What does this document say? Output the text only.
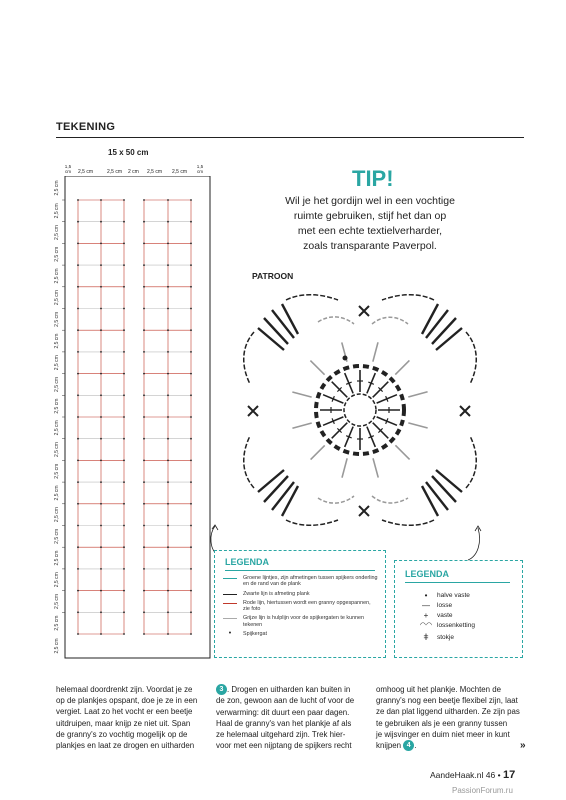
TEKENING
15 x 50 cm
1,5 cm 2,5 cm	2,5 cm 2 cm 2,5 cm 2,5 cm
1,5 cm
2,5 cm
2,5 cm
2,5 cm
2,5 cm
2,5 cm
2,5 cm
2,5 cm
2,5 cm
2,5 cm
2,5 cm
2,5 cm
2,5 cm
2,5 cm
2,5 cm
2,5 cm
2,5 cm
2,5 cm
2,5 cm
2,5 cm
2,5 cm
2,5 cm
2,5 cm
TIP!
Wil je het gordijn wel in een vochtige
ruimte gebruiken, stijf het dan op
met een echte textielverharder,
zoals transparante Paverpol.
PATROON
LEGENDA
Groene lijntjes, zijn afmetingen tussen spijkers onderling en de rand van de plank
Zwarte lijn is afmeting plank
Rode lijn, hiertussen wordt een granny opgespannen, zie foto
Grijze lijn is hulplijn voor de spijkergaten te kunnen tekenen
•	Spijkergat
LEGENDA
•	halve vaste
—	losse
+	vaste
◠◠ lossenketting
ǂ	stokje
helemaal doordrenkt zijn. Voordat je ze
op de plankjes opspant, doe je ze in een
vergiet. Laat zo het vocht er een beetje
uitdruipen, maar knijp ze niet uit. Span
de granny's zo vochtig mogelijk op de
plankjes en laat ze drogen en uitharden
3 . Drogen en uitharden kan buiten in
de zon, gewoon aan de lucht of voor de
verwarming: dit duurt een paar dagen.
Haal de granny's van het plankje af als
ze helemaal uitgehard zijn. Trek hier-
voor met een nijptang de spijkers recht
omhoog uit het plankje. Mochten de
granny's nog een beetje flexibel zijn, laat
ze dan plat liggend uitharden. Ze zijn pas
te gebruiken als je een granny tussen
je wijsvinger en duim niet meer in kunt
knijpen 4 .	»
AandeHaak.nl 46 • 17
PassionForum.ru
